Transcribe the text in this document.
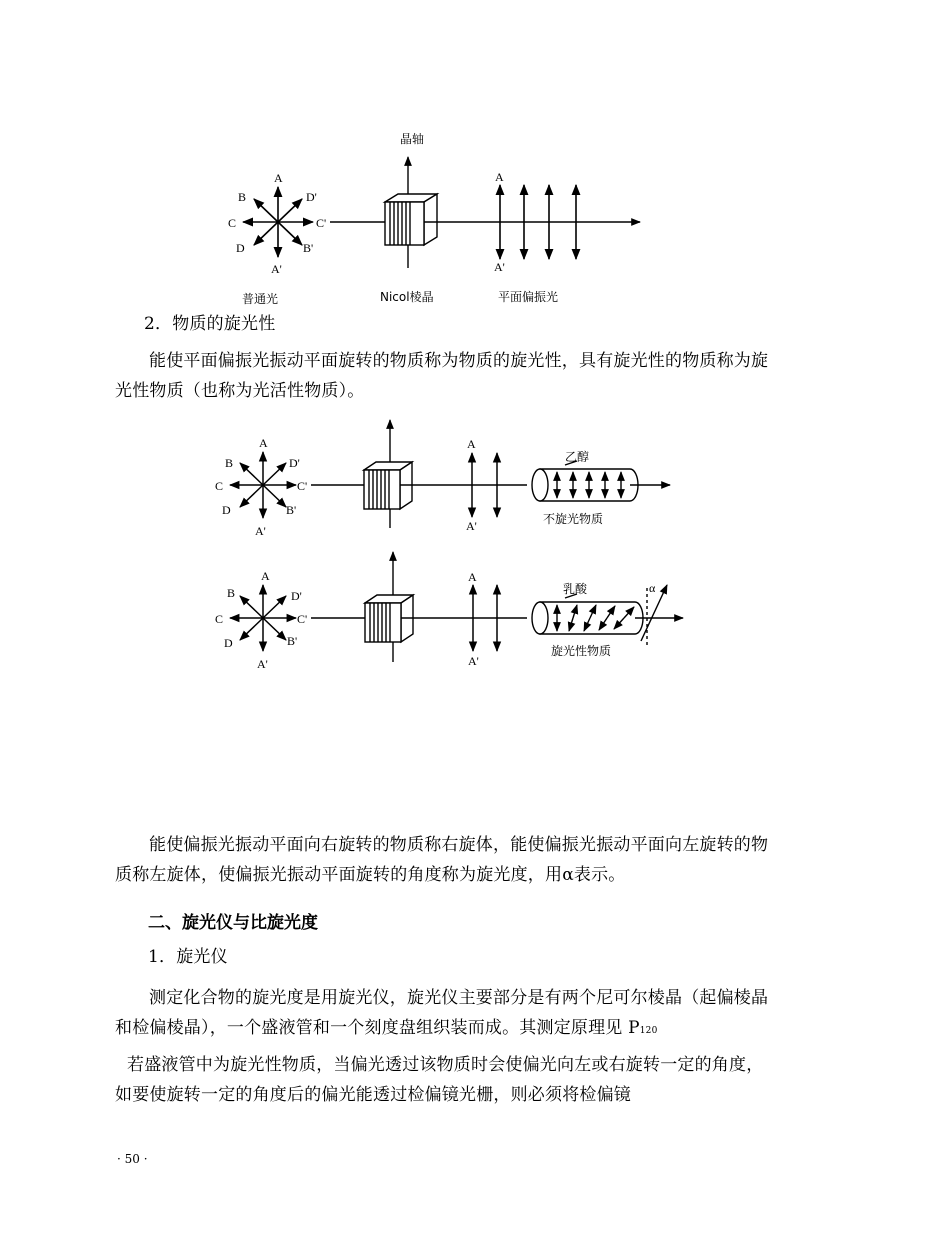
A
B	D'
C	C'
D	B'
A'
晶轴
A
A'
普通光	Nicol棱晶	平面偏振光
2．物质的旋光性

能使平面偏振光振动平面旋转的物质称为物质的旋光性，具有旋光性的物质称为旋光性物质（也称为光活性物质）。

A
B	D'
C	C'
D	B'
A'
A
A'
乙醇
不旋光物质
A
B	D'
C	C'
D	B'
A'
A
A'
α
乳酸
旋光性物质

能使偏振光振动平面向右旋转的物质称右旋体，能使偏振光振动平面向左旋转的物质称左旋体，使偏振光振动平面旋转的角度称为旋光度，用α表示。

二、旋光仪与比旋光度
1．旋光仪

测定化合物的旋光度是用旋光仪，旋光仪主要部分是有两个尼可尔棱晶（起偏棱晶和检偏棱晶），一个盛液管和一个刻度盘组织装而成。其测定原理见 P120

若盛液管中为旋光性物质，当偏光透过该物质时会使偏光向左或右旋转一定的角度，如要使旋转一定的角度后的偏光能透过检偏镜光栅，则必须将检偏镜

· 50 ·
